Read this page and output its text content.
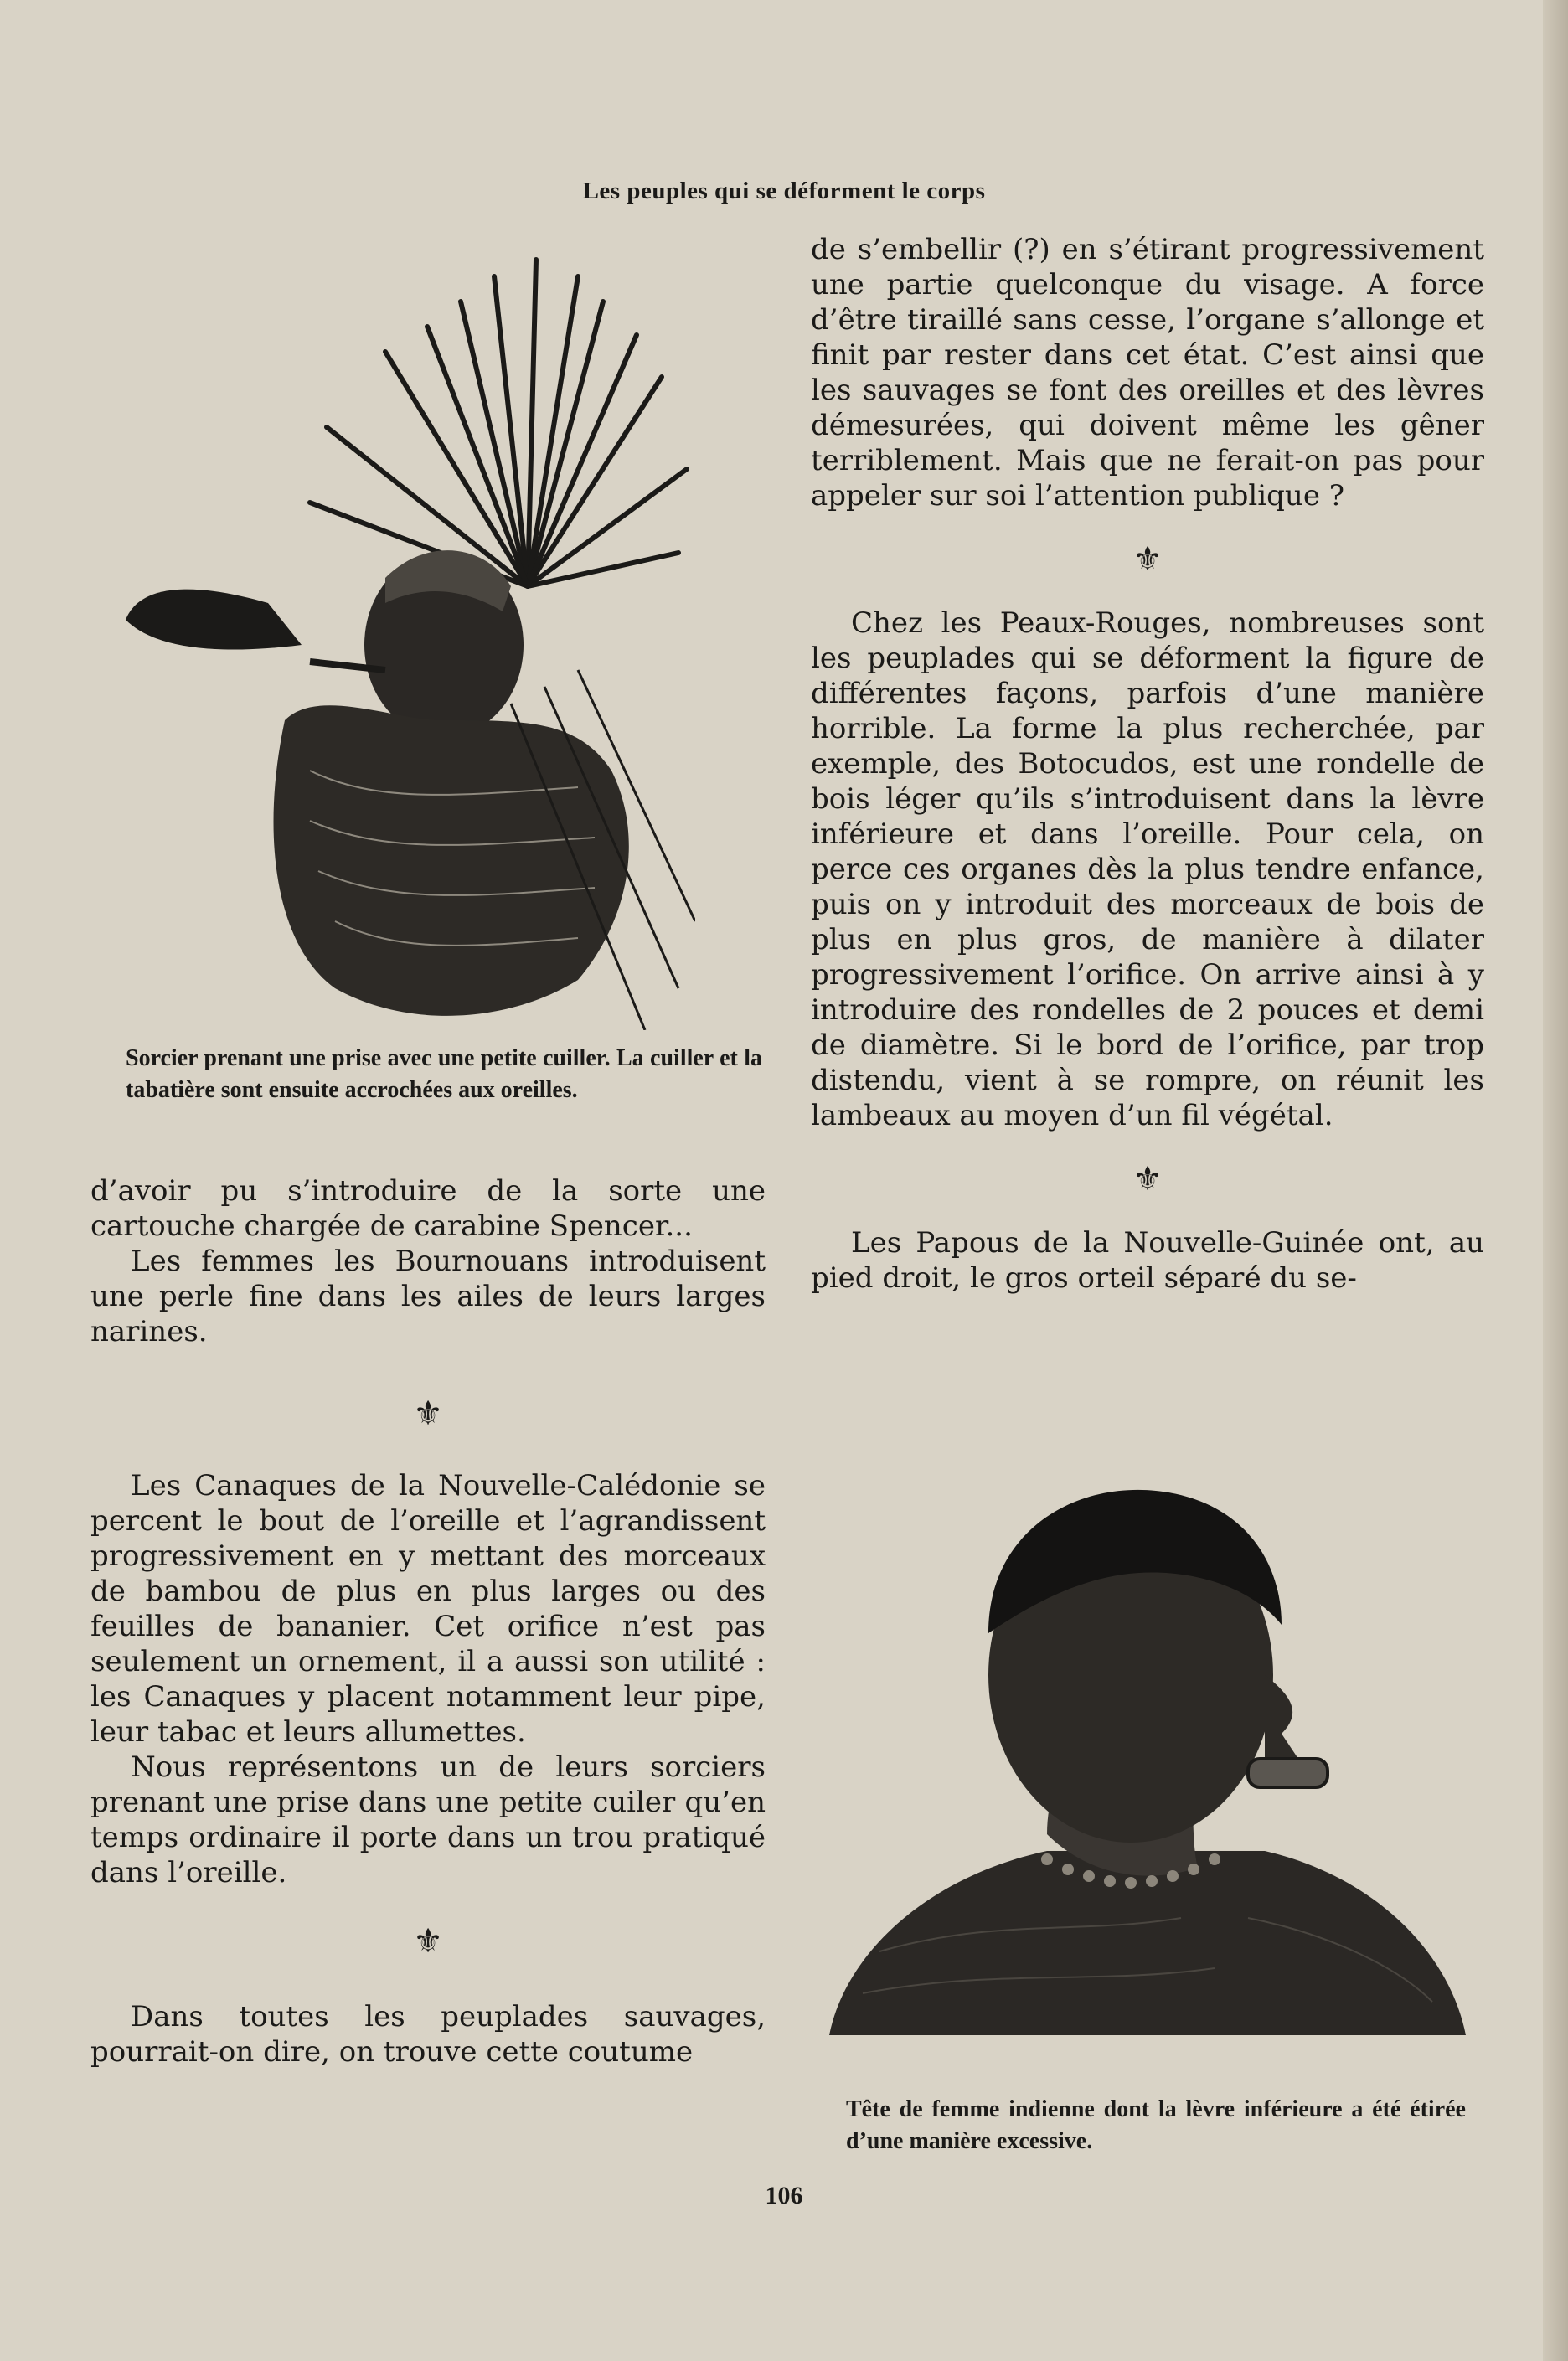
Les peuples qui se déforment le corps
Sorcier prenant une prise avec une petite cuiller. La cuiller et la tabatière sont ensuite accrochées aux oreilles.

d’avoir pu s’introduire de la sorte une cartouche chargée de carabine Spencer...

Les femmes les Bournouans introduisent une perle fine dans les ailes de leurs larges narines.

⚜

Les Canaques de la Nouvelle-Calédonie se percent le bout de l’oreille et l’agrandissent progressivement en y mettant des morceaux de bambou de plus en plus larges ou des feuilles de bananier. Cet orifice n’est pas seulement un ornement, il a aussi son utilité : les Canaques y placent notamment leur pipe, leur tabac et leurs allumettes.

Nous représentons un de leurs sorciers prenant une prise dans une petite cuiler qu’en temps ordinaire il porte dans un trou pratiqué dans l’oreille.

⚜

Dans toutes les peuplades sauvages, pourrait-on dire, on trouve cette coutume

de s’embellir (?) en s’étirant progressivement une partie quelconque du visage. A force d’être tiraillé sans cesse, l’organe s’allonge et finit par rester dans cet état. C’est ainsi que les sauvages se font des oreilles et des lèvres démesurées, qui doivent même les gêner terriblement. Mais que ne ferait-on pas pour appeler sur soi l’attention publique ?

⚜

Chez les Peaux-Rouges, nombreuses sont les peuplades qui se déforment la figure de différentes façons, parfois d’une manière horrible. La forme la plus recherchée, par exemple, des Botocudos, est une rondelle de bois léger qu’ils s’introduisent dans la lèvre inférieure et dans l’oreille. Pour cela, on perce ces organes dès la plus tendre enfance, puis on y introduit des morceaux de bois de plus en plus gros, de manière à dilater progressivement l’orifice. On arrive ainsi à y introduire des rondelles de 2 pouces et demi de diamètre. Si le bord de l’orifice, par trop distendu, vient à se rompre, on réunit les lambeaux au moyen d’un fil végétal.

⚜

Les Papous de la Nouvelle-Guinée ont, au pied droit, le gros orteil séparé du se-

Tête de femme indienne dont la lèvre inférieure a été étirée d’une manière excessive.
106
